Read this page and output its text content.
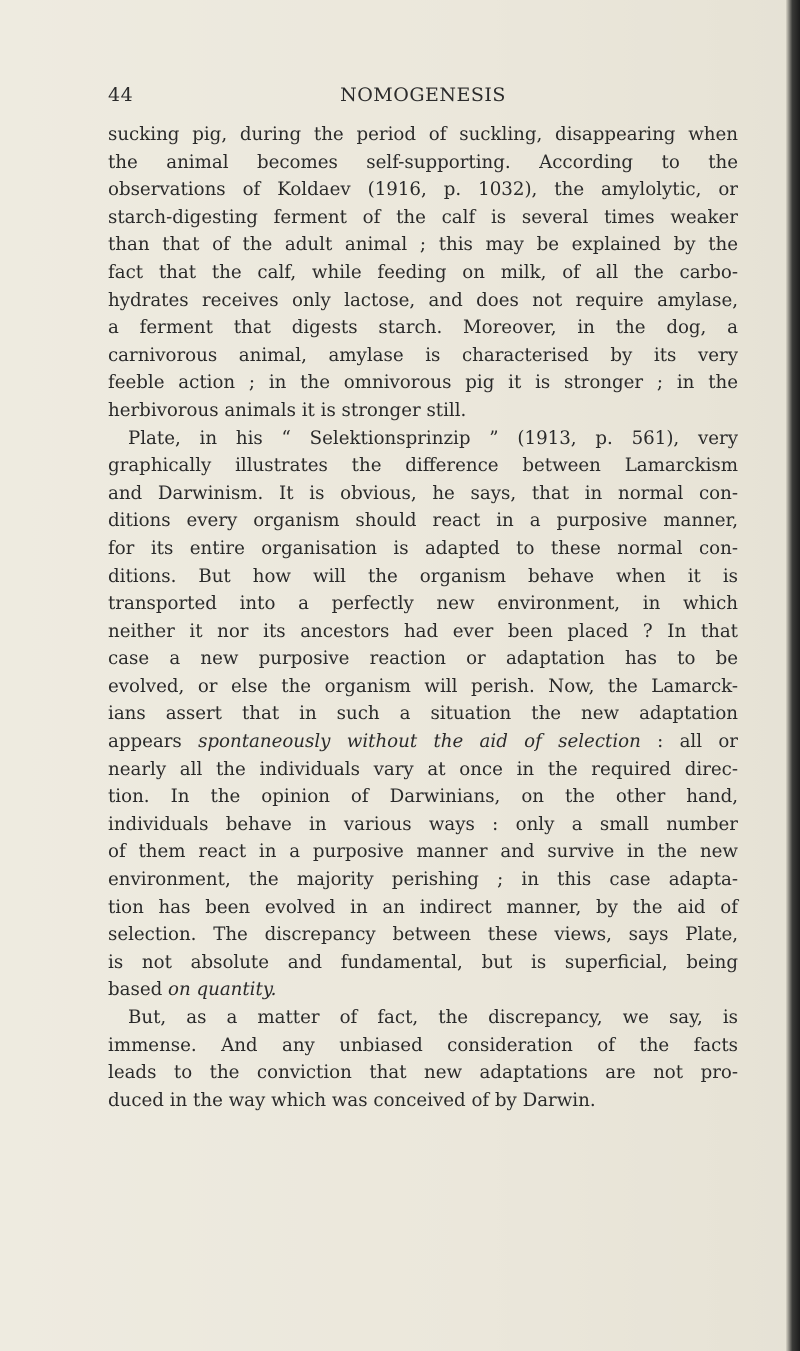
44	NOMOGENESIS
sucking pig, during the period of suckling, disappearing when
the animal becomes self-supporting. According to the
observations of Koldaev (1916, p. 1032), the amylolytic, or
starch-digesting ferment of the calf is several times weaker
than that of the adult animal ; this may be explained by the
fact that the calf, while feeding on milk, of all the carbo-
hydrates receives only lactose, and does not require amylase,
a ferment that digests starch. Moreover, in the dog, a
carnivorous animal, amylase is characterised by its very
feeble action ; in the omnivorous pig it is stronger ; in the
herbivorous animals it is stronger still.
Plate, in his “ Selektionsprinzip ” (1913, p. 561), very
graphically illustrates the difference between Lamarckism
and Darwinism. It is obvious, he says, that in normal con-
ditions every organism should react in a purposive manner,
for its entire organisation is adapted to these normal con-
ditions. But how will the organism behave when it is
transported into a perfectly new environment, in which
neither it nor its ancestors had ever been placed ? In that
case a new purposive reaction or adaptation has to be
evolved, or else the organism will perish. Now, the Lamarck-
ians assert that in such a situation the new adaptation
appears spontaneously without the aid of selection : all or
nearly all the individuals vary at once in the required direc-
tion. In the opinion of Darwinians, on the other hand,
individuals behave in various ways : only a small number
of them react in a purposive manner and survive in the new
environment, the majority perishing ; in this case adapta-
tion has been evolved in an indirect manner, by the aid of
selection. The discrepancy between these views, says Plate,
is not absolute and fundamental, but is superficial, being
based on quantity.
But, as a matter of fact, the discrepancy, we say, is
immense. And any unbiased consideration of the facts
leads to the conviction that new adaptations are not pro-
duced in the way which was conceived of by Darwin.
